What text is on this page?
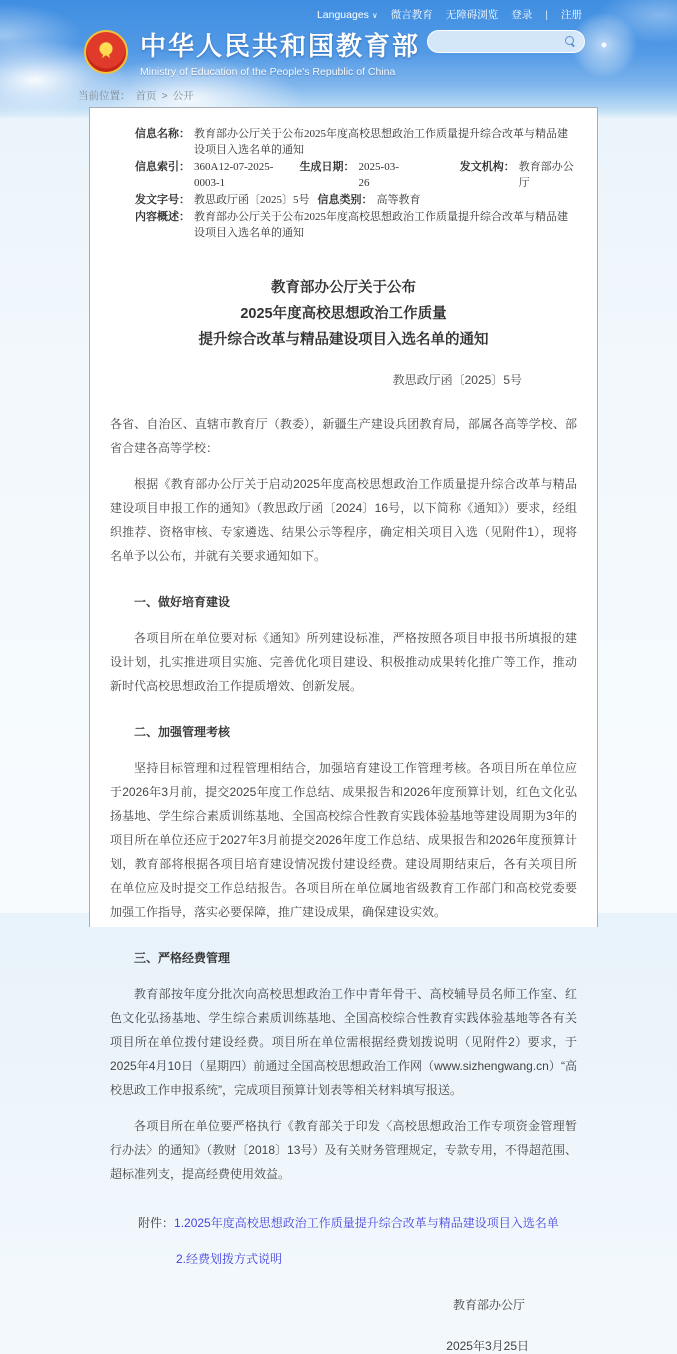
Languages ∨ 微言教育 无障碍浏览 登录 | 注册
★ 中华人民共和国教育部
Ministry of Education of the People's Republic of China
当前位置： 首页 > 公开
信息名称： 教育部办公厅关于公布2025年度高校思想政治工作质量提升综合改革与精品建设项目入选名单的通知
信息索引： 360A12-07-2025-0003-1
生成日期： 2025-03-26
发文机构： 教育部办公厅
发文字号： 教思政厅函〔2025〕5号 信息类别： 高等教育
内容概述： 教育部办公厅关于公布2025年度高校思想政治工作质量提升综合改革与精品建设项目入选名单的通知
教育部办公厅关于公布
2025年度高校思想政治工作质量
提升综合改革与精品建设项目入选名单的通知
教思政厅函〔2025〕5号

各省、自治区、直辖市教育厅（教委），新疆生产建设兵团教育局，部属各高等学校、部省合建各高等学校：

根据《教育部办公厅关于启动2025年度高校思想政治工作质量提升综合改革与精品建设项目申报工作的通知》（教思政厅函〔2024〕16号，以下简称《通知》）要求，经组织推荐、资格审核、专家遴选、结果公示等程序，确定相关项目入选（见附件1），现将名单予以公布，并就有关要求通知如下。

一、做好培育建设

各项目所在单位要对标《通知》所列建设标准，严格按照各项目申报书所填报的建设计划，扎实推进项目实施、完善优化项目建设、积极推动成果转化推广等工作，推动新时代高校思想政治工作提质增效、创新发展。

二、加强管理考核

坚持目标管理和过程管理相结合，加强培育建设工作管理考核。各项目所在单位应于2026年3月前，提交2025年度工作总结、成果报告和2026年度预算计划，红色文化弘扬基地、学生综合素质训练基地、全国高校综合性教育实践体验基地等建设周期为3年的项目所在单位还应于2027年3月前提交2026年度工作总结、成果报告和2026年度预算计划，教育部将根据各项目培育建设情况拨付建设经费。建设周期结束后，各有关项目所在单位应及时提交工作总结报告。各项目所在单位属地省级教育工作部门和高校党委要加强工作指导，落实必要保障，推广建设成果，确保建设实效。

三、严格经费管理

教育部按年度分批次向高校思想政治工作中青年骨干、高校辅导员名师工作室、红色文化弘扬基地、学生综合素质训练基地、全国高校综合性教育实践体验基地等各有关项目所在单位拨付建设经费。项目所在单位需根据经费划拨说明（见附件2）要求，于2025年4月10日（星期四）前通过全国高校思想政治工作网（www.sizhengwang.cn）“高校思政工作申报系统”，完成项目预算计划表等相关材料填写报送。

各项目所在单位要严格执行《教育部关于印发〈高校思想政治工作专项资金管理暂行办法〉的通知》（教财〔2018〕13号）及有关财务管理规定，专款专用，不得超范围、超标准列支，提高经费使用效益。

附件： 1.2025年度高校思想政治工作质量提升综合改革与精品建设项目入选名单
2.经费划拨方式说明
教育部办公厅
2025年3月25日
